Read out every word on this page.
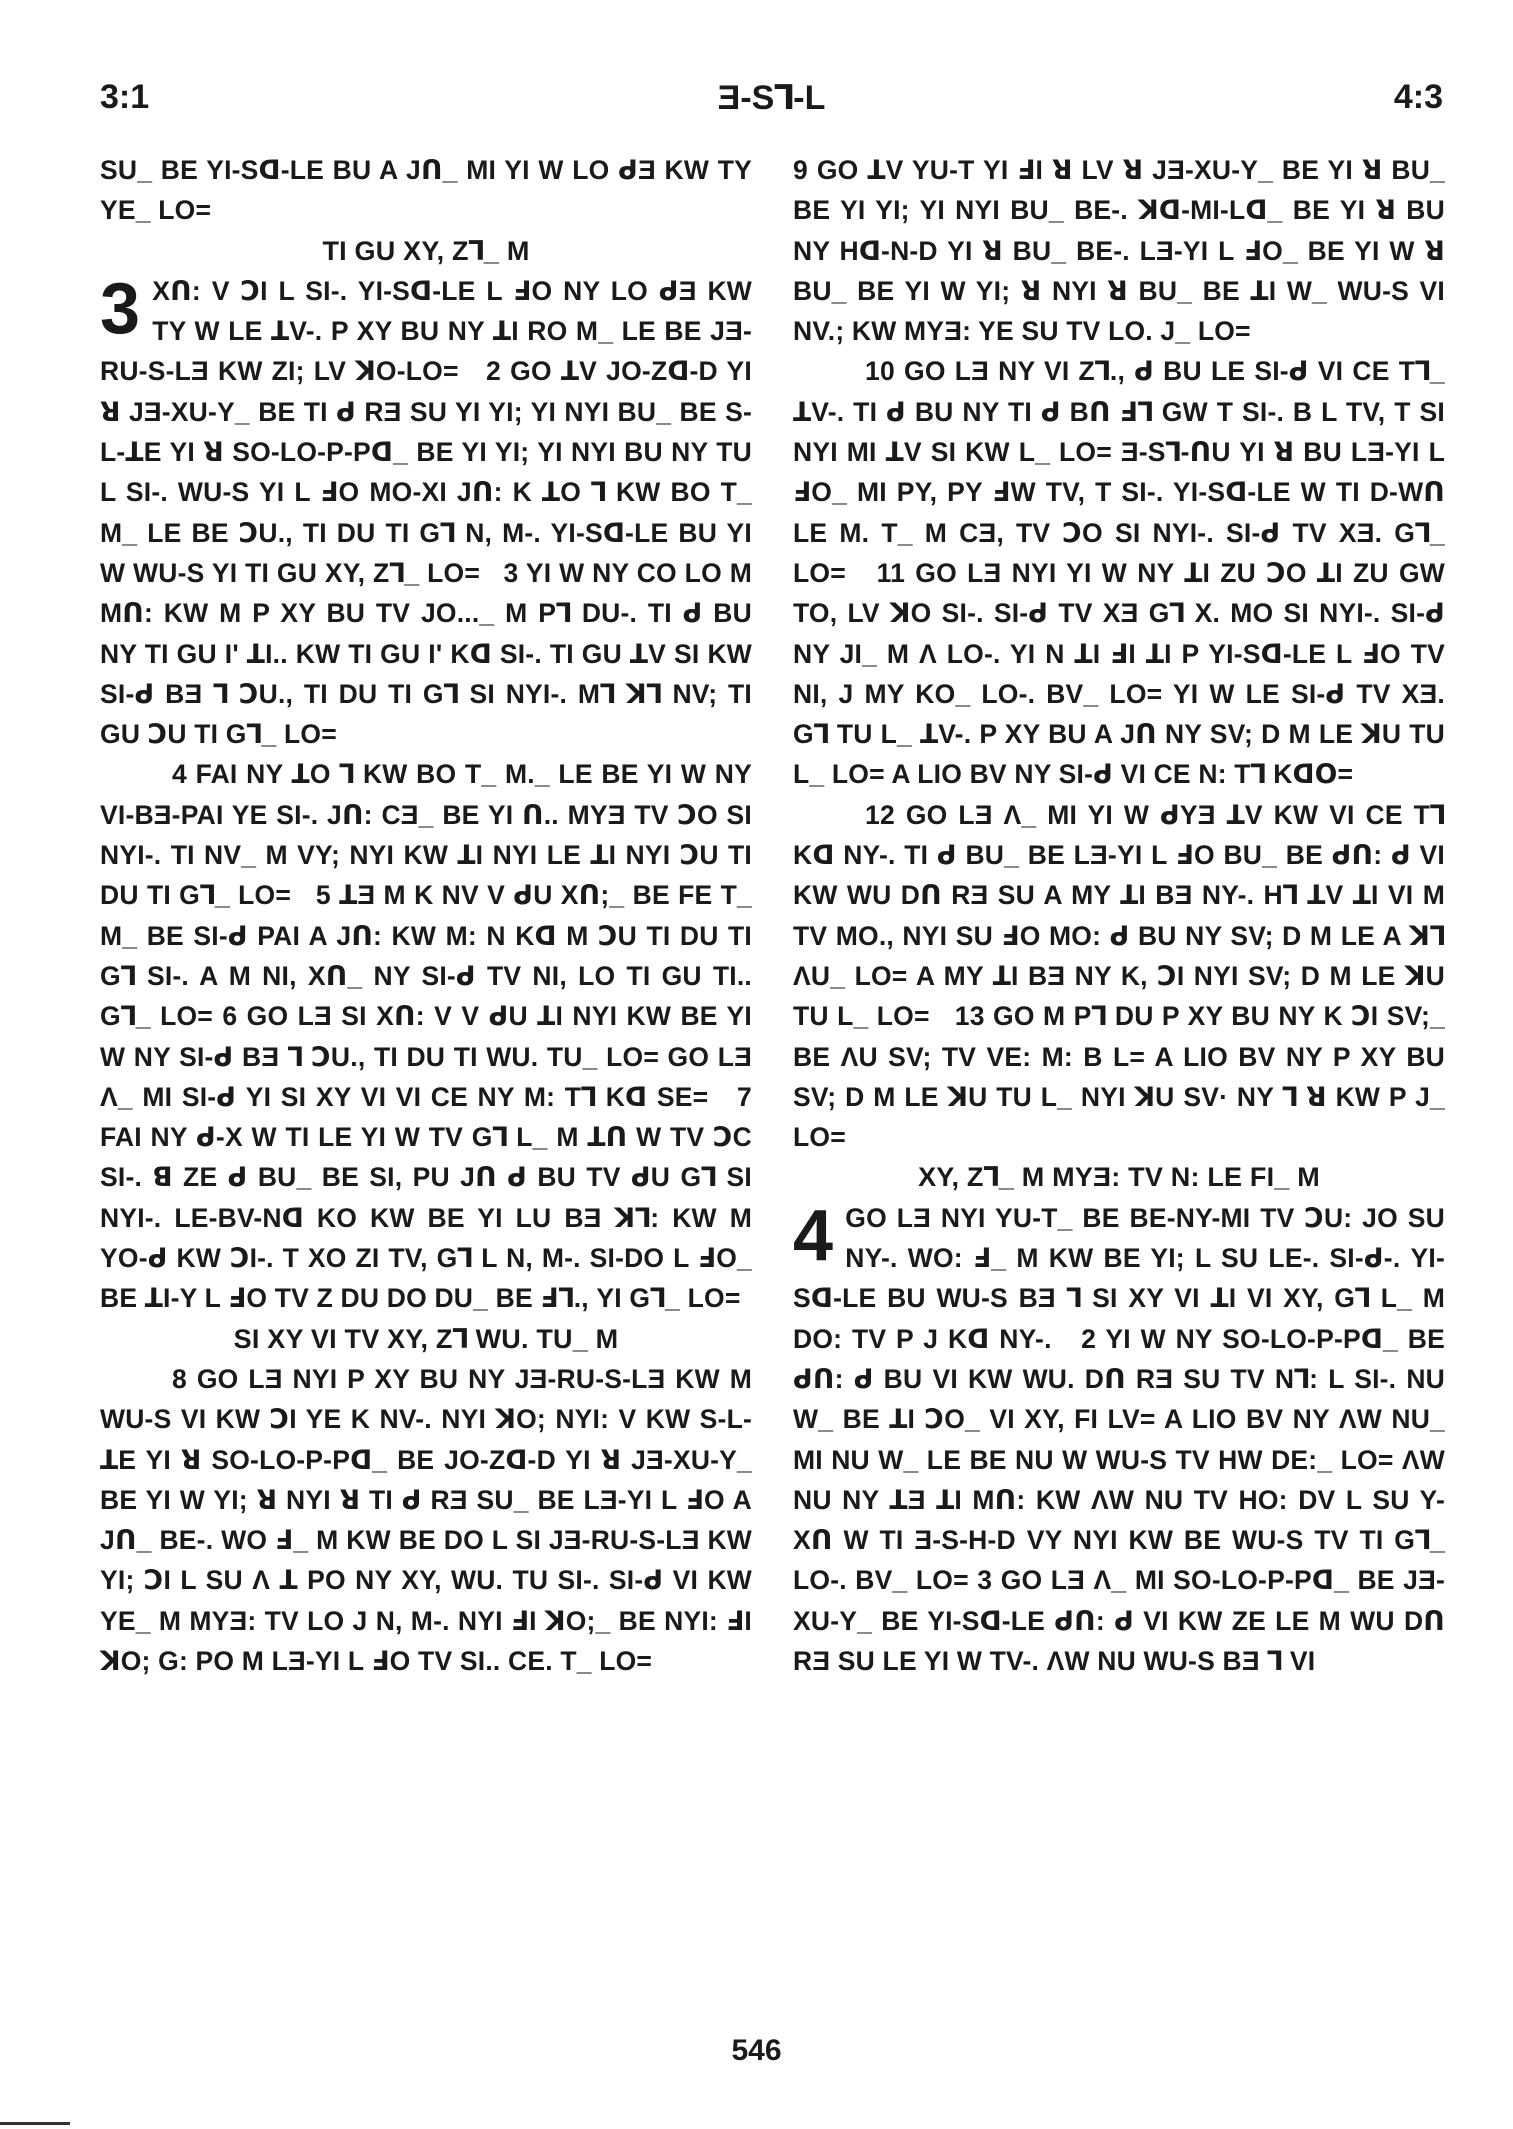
3:1	Ǝ-Sꓶ-L	4:3

SU_ BE YI-Sꓷ-LE BU A Jꓵ_ MI YI W LO ᑯƎ KW TY YE_ LO=

TI GU XY, Zꓶ_ M

3 Xꓵ: V ꓛI L SI-. YI-Sꓷ-LE L ꓞO NY LO ᑯƎ KW TY W LE ꓕV-. P XY BU NY ꓕI RO M_ LE BE JƎ-RU-S-LƎ KW ZI; LV ꓘO-LO= 2 GO ꓕV JO-Zꓷ-D YI ꓤ JƎ-XU-Y_ BE TI ᑯ RƎ SU YI YI; YI NYI BU_ BE S-L-ꓕE YI ꓤ SO-LO-P-Pꓷ_ BE YI YI; YI NYI BU NY TU L SI-. WU-S YI L ꓞO MO-XI Jꓵ: K ꓕO ꓶ KW BO T_ M_ LE BE ꓛU., TI DU TI Gꓶ N, M-. YI-Sꓷ-LE BU YI W WU-S YI TI GU XY, Zꓶ_ LO= 3 YI W NY CO LO M Mꓵ: KW M P XY BU TV JO..._ M Pꓶ DU-. TI ᑯ BU NY TI GU I' ꓕI.. KW TI GU I' Kꓷ SI-. TI GU ꓕV SI KW SI-ᑯ BƎ ꓶ ꓛU., TI DU TI Gꓶ SI NYI-. Mꓶ ꓘꓶ NV; TI GU ꓛU TI Gꓶ_ LO=

4 FAI NY ꓕO ꓶ KW BO T_ M._ LE BE YI W NY VI-BƎ-PAI YE SI-. Jꓵ: CƎ_ BE YI ꓵ.. MYƎ TV ꓛO SI NYI-. TI NV_ M VY; NYI KW ꓕI NYI LE ꓕI NYI ꓛU TI DU TI Gꓶ_ LO= 5 ꓕƎ M K NV V ᑯU Xꓵ;_ BE FE T_ M_ BE SI-ᑯ PAI A Jꓵ: KW M: N Kꓷ M ꓛU TI DU TI Gꓶ SI-. A M NI, Xꓵ_ NY SI-ᑯ TV NI, LO TI GU TI.. Gꓶ_ LO= 6 GO LƎ SI Xꓵ: V V ᑯU ꓕI NYI KW BE YI W NY SI-ᑯ BƎ ꓶ ꓛU., TI DU TI WU. TU_ LO= GO LƎ Ʌ_ MI SI-ᑯ YI SI XY VI VI CE NY M: Tꓶ Kꓷ SE= 7 FAI NY ᑯ-X W TI LE YI W TV Gꓶ L_ M ꓕꓵ W TV ꓛC SI-. ꓭ ZE ᑯ BU_ BE SI, PU Jꓵ ᑯ BU TV ᑯU Gꓶ SI NYI-. LE-BV-Nꓷ KO KW BE YI LU BƎ ꓘꓶ: KW M YO-ᑯ KW ꓛI-. T XO ZI TV, Gꓶ L N, M-. SI-DO L ꓞO_ BE ꓕI-Y L ꓞO TV Z DU DO DU_ BE ꓞꓶ., YI Gꓶ_ LO=

SI XY VI TV XY, Zꓶ WU. TU_ M

8 GO LƎ NYI P XY BU NY JƎ-RU-S-LƎ KW M WU-S VI KW ꓛI YE K NV-. NYI ꓘO; NYI: V KW S-L-ꓕE YI ꓤ SO-LO-P-Pꓷ_ BE JO-Zꓷ-D YI ꓤ JƎ-XU-Y_ BE YI W YI; ꓤ NYI ꓤ TI ᑯ RƎ SU_ BE LƎ-YI L ꓞO A Jꓵ_ BE-. WO ꓞ_ M KW BE DO L SI JƎ-RU-S-LƎ KW YI; ꓛI L SU Ʌ ꓕ PO NY XY, WU. TU SI-. SI-ᑯ VI KW YE_ M MYƎ: TV LO J N, M-. NYI ꓞI ꓘO;_ BE NYI: ꓞI ꓘO; G: PO M LƎ-YI L ꓞO TV SI.. CE. T_ LO=

9 GO ꓕV YU-T YI ꓞI ꓤ LV ꓤ JƎ-XU-Y_ BE YI ꓤ BU_ BE YI YI; YI NYI BU_ BE-. ꓘꓷ-MI-Lꓷ_ BE YI ꓤ BU NY Hꓷ-N-D YI ꓤ BU_ BE-. LƎ-YI L ꓞO_ BE YI W ꓤ BU_ BE YI W YI; ꓤ NYI ꓤ BU_ BE ꓕI W_ WU-S VI NV.; KW MYƎ: YE SU TV LO. J_ LO=

10 GO LƎ NY VI Zꓶ., ᑯ BU LE SI-ᑯ VI CE Tꓶ_ ꓕV-. TI ᑯ BU NY TI ᑯ Bꓵ ꓞꓶ GW T SI-. B L TV, T SI NYI MI ꓕV SI KW L_ LO= Ǝ-Sꓶ-ꓵU YI ꓤ BU LƎ-YI L ꓞO_ MI PY, PY ꓞW TV, T SI-. YI-Sꓷ-LE W TI D-Wꓵ LE M. T_ M CƎ, TV ꓛO SI NYI-. SI-ᑯ TV XƎ. Gꓶ_ LO= 11 GO LƎ NYI YI W NY ꓕI ZU ꓛO ꓕI ZU GW TO, LV ꓘO SI-. SI-ᑯ TV XƎ Gꓶ X. MO SI NYI-. SI-ᑯ NY JI_ M Ʌ LO-. YI N ꓕI ꓞI ꓕI P YI-Sꓷ-LE L ꓞO TV NI, J MY KO_ LO-. BV_ LO= YI W LE SI-ᑯ TV XƎ. Gꓶ TU L_ ꓕV-. P XY BU A Jꓵ NY SV; D M LE ꓘU TU L_ LO= A LIO BV NY SI-ᑯ VI CE N: Tꓶ Kꓷꓳ=

12 GO LƎ Ʌ_ MI YI W ᑯYƎ ꓕV KW VI CE Tꓶ Kꓷ NY-. TI ᑯ BU_ BE LƎ-YI L ꓞO BU_ BE ᑯꓵ: ᑯ VI KW WU Dꓵ RƎ SU A MY ꓕI BƎ NY-. Hꓶ ꓕV ꓕI VI M TV MO., NYI SU ꓞO MO: ᑯ BU NY SV; D M LE A ꓘꓶ ɅU_ LO= A MY ꓕI BƎ NY K, ꓛI NYI SV; D M LE ꓘU TU L_ LO= 13 GO M Pꓶ DU P XY BU NY K ꓛI SV;_ BE ɅU SV; TV VE: M: B L= A LIO BV NY P XY BU SV; D M LE ꓘU TU L_ NYI ꓘU SV· NY ꓶ ꓤ KW P J_ LO=

XY, Zꓶ_ M MYƎ: TV N: LE FI_ M

4 GO LƎ NYI YU-T_ BE BE-NY-MI TV ꓛU: JO SU NY-. WO: ꓞ_ M KW BE YI; L SU LE-. SI-ᑯ-. YI-Sꓷ-LE BU WU-S BƎ ꓶ SI XY VI ꓕI VI XY, Gꓶ L_ M DO: TV P J Kꓷ NY-. 2 YI W NY SO-LO-P-Pꓷ_ BE ᑯꓵ: ᑯ BU VI KW WU. Dꓵ RƎ SU TV Nꓶ: L SI-. NU W_ BE ꓕI ꓛO_ VI XY, FI LV= A LIO BV NY ɅW NU_ MI NU W_ LE BE NU W WU-S TV HW DE:_ LO= ɅW NU NY ꓕƎ ꓕI Mꓵ: KW ɅW NU TV HO: DV L SU Y-Xꓵ W TI Ǝ-S-H-D VY NYI KW BE WU-S TV TI Gꓶ_ LO-. BV_ LO= 3 GO LƎ Ʌ_ MI SO-LO-P-Pꓷ_ BE JƎ-XU-Y_ BE YI-Sꓷ-LE ᑯꓵ: ᑯ VI KW ZE LE M WU Dꓵ RƎ SU LE YI W TV-. ɅW NU WU-S BƎ ꓶ VI

546
